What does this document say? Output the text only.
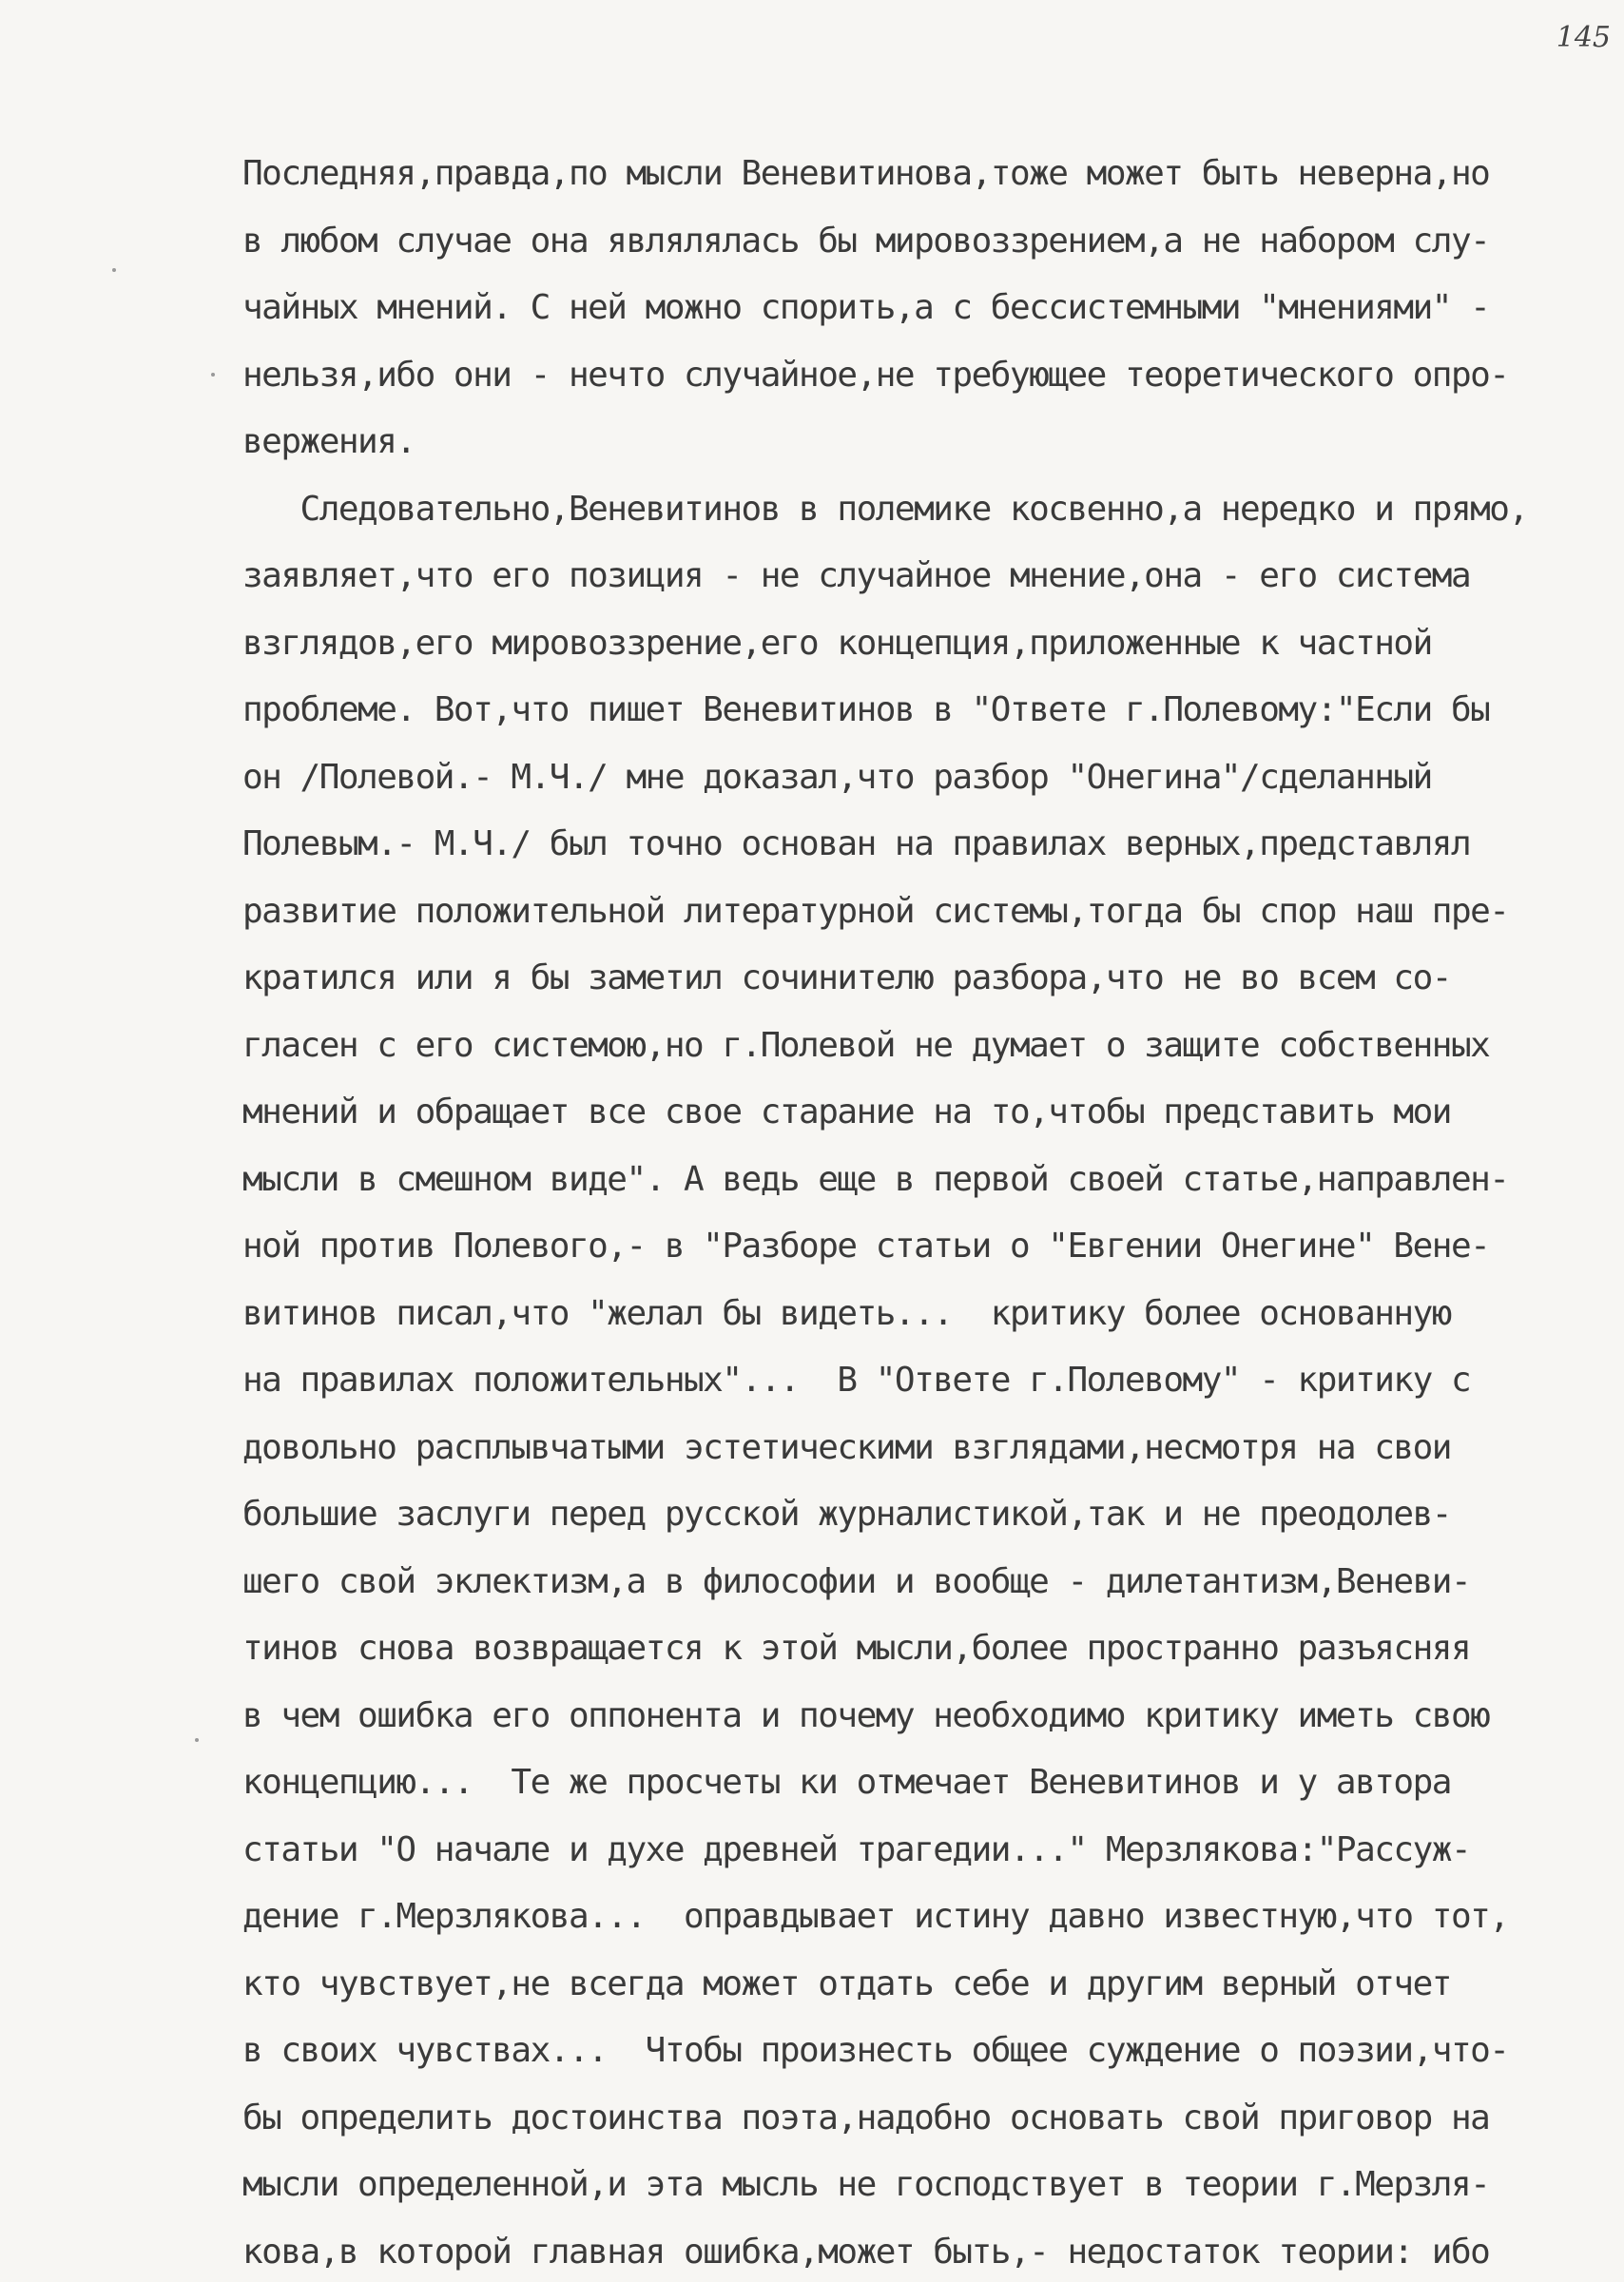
145
Последняя,правда,по мысли Веневитинова,тоже может быть неверна,но
в любом случае она являлялась бы мировоззрением,а не набором слу-
чайных мнений. С ней можно спорить,а с бессистемными "мнениями" -
нельзя,ибо они - нечто случайное,не требующее теоретического опро-
вержения.
Следовательно,Веневитинов в полемике косвенно,а нередко и прямо,
заявляет,что его позиция - не случайное мнение,она - его система
взглядов,его мировоззрение,его концепция,приложенные к частной
проблеме. Вот,что пишет Веневитинов в "Ответе г.Полевому:"Если бы
он /Полевой.- М.Ч./ мне доказал,что разбор "Онегина"/сделанный
Полевым.- М.Ч./ был точно основан на правилах верных,представлял
развитие положительной литературной системы,тогда бы спор наш пре-
кратился или я бы заметил сочинителю разбора,что не во всем со-
гласен с его системою,но г.Полевой не думает о защите собственных
мнений и обращает все свое старание на то,чтобы представить мои
мысли в смешном виде". А ведь еще в первой своей статье,направлен-
ной против Полевого,- в "Разборе статьи о "Евгении Онегине" Вене-
витинов писал,что "желал бы видеть...  критику более основанную
на правилах положительных"...  В "Ответе г.Полевому" - критику с
довольно расплывчатыми эстетическими взглядами,несмотря на свои
большие заслуги перед русской журналистикой,так и не преодолев-
шего свой эклектизм,а в философии и вообще - дилетантизм,Веневи-
тинов снова возвращается к этой мысли,более пространно разъясняя
в чем ошибка его оппонента и почему необходимо критику иметь свою
концепцию...  Те же просчеты ки отмечает Веневитинов и у автора
статьи "О начале и духе древней трагедии..." Мерзлякова:"Рассуж-
дение г.Мерзлякова...  оправдывает истину давно известную,что тот,
кто чувствует,не всегда может отдать себе и другим верный отчет
в своих чувствах...  Чтобы произнесть общее суждение о поэзии,что-
бы определить достоинства поэта,надобно основать свой приговор на
мысли определенной,и эта мысль не господствует в теории г.Мерзля-
кова,в которой главная ошибка,может быть,- недостаток теории: ибо
